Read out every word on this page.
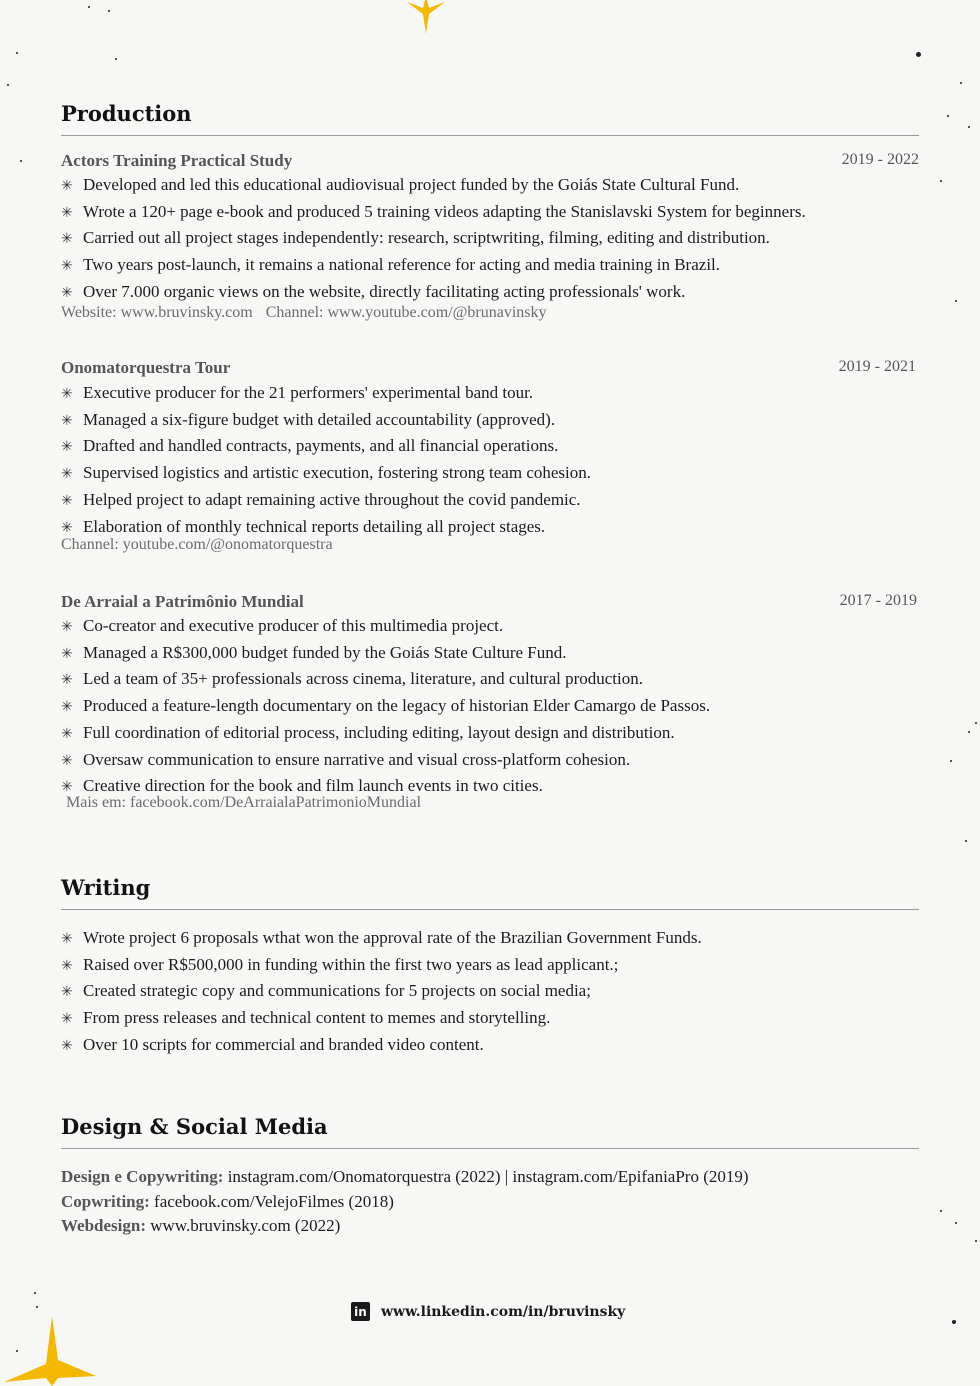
Production
Actors Training Practical Study	2019 - 2022
✳ Developed and led this educational audiovisual project funded by the Goiás State Cultural Fund.
✳ Wrote a 120+ page e-book and produced 5 training videos adapting the Stanislavski System for beginners.
✳ Carried out all project stages independently: research, scriptwriting, filming, editing and distribution.
✳ Two years post-launch, it remains a national reference for acting and media training in Brazil.
✳ Over 7.000 organic views on the website, directly facilitating acting professionals' work.
Website: www.bruvinsky.com Channel: www.youtube.com/@brunavinsky
Onomatorquestra Tour	2019 - 2021
✳ Executive producer for the 21 performers' experimental band tour.
✳ Managed a six-figure budget with detailed accountability (approved).
✳ Drafted and handled contracts, payments, and all financial operations.
✳ Supervised logistics and artistic execution, fostering strong team cohesion.
✳ Helped project to adapt remaining active throughout the covid pandemic.
✳ Elaboration of monthly technical reports detailing all project stages.
Channel: youtube.com/@onomatorquestra
De Arraial a Patrimônio Mundial	2017 - 2019
✳ Co-creator and executive producer of this multimedia project.
✳ Managed a R$300,000 budget funded by the Goiás State Culture Fund.
✳ Led a team of 35+ professionals across cinema, literature, and cultural production.
✳ Produced a feature-length documentary on the legacy of historian Elder Camargo de Passos.
✳ Full coordination of editorial process, including editing, layout design and distribution.
✳ Oversaw communication to ensure narrative and visual cross-platform cohesion.
✳ Creative direction for the book and film launch events in two cities.
Mais em: facebook.com/DeArraialaPatrimonioMundial
Writing
✳ Wrote project 6 proposals wthat won the approval rate of the Brazilian Government Funds.
✳ Raised over R$500,000 in funding within the first two years as lead applicant.;
✳ Created strategic copy and communications for 5 projects on social media;
✳ From press releases and technical content to memes and storytelling.
✳ Over 10 scripts for commercial and branded video content.
Design & Social Media
Design e Copywriting: instagram.com/Onomatorquestra (2022) | instagram.com/EpifaniaPro (2019)
Copwriting: facebook.com/VelejoFilmes (2018)
Webdesign: www.bruvinsky.com (2022)
in www.linkedin.com/in/bruvinsky
